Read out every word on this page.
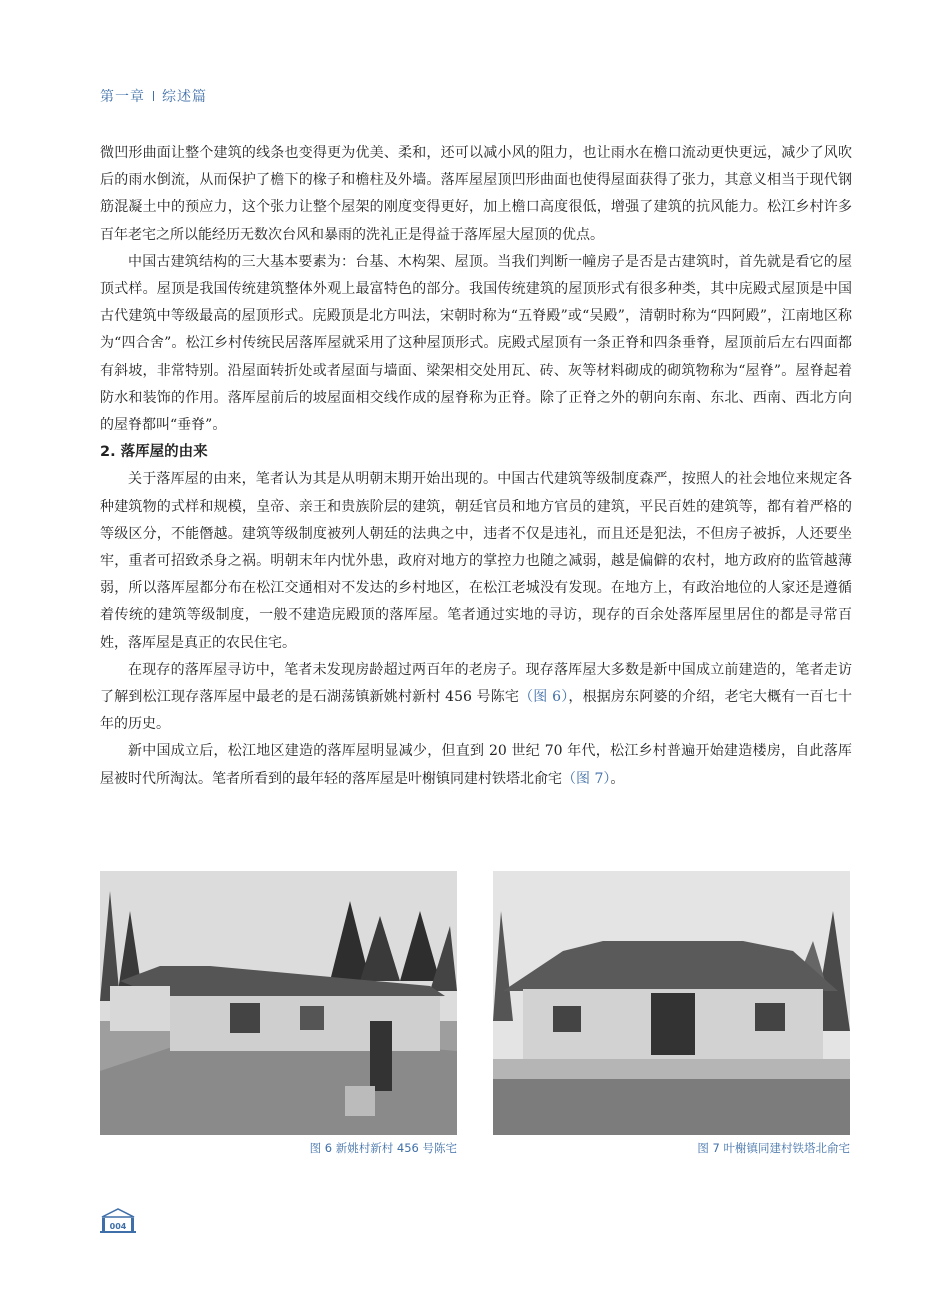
第一章 综述篇

微凹形曲面让整个建筑的线条也变得更为优美、柔和，还可以减小风的阻力，也让雨水在檐口流动更快更远，减少了风吹后的雨水倒流，从而保护了檐下的椽子和檐柱及外墙。落厍屋屋顶凹形曲面也使得屋面获得了张力，其意义相当于现代钢筋混凝土中的预应力，这个张力让整个屋架的刚度变得更好，加上檐口高度很低，增强了建筑的抗风能力。松江乡村许多百年老宅之所以能经历无数次台风和暴雨的洗礼正是得益于落厍屋大屋顶的优点。

中国古建筑结构的三大基本要素为：台基、木构架、屋顶。当我们判断一幢房子是否是古建筑时，首先就是看它的屋顶式样。屋顶是我国传统建筑整体外观上最富特色的部分。我国传统建筑的屋顶形式有很多种类，其中庑殿式屋顶是中国古代建筑中等级最高的屋顶形式。庑殿顶是北方叫法，宋朝时称为“五脊殿”或“吴殿”，清朝时称为“四阿殿”，江南地区称为“四合舍”。松江乡村传统民居落厍屋就采用了这种屋顶形式。庑殿式屋顶有一条正脊和四条垂脊，屋顶前后左右四面都有斜坡，非常特别。沿屋面转折处或者屋面与墙面、梁架相交处用瓦、砖、灰等材料砌成的砌筑物称为“屋脊”。屋脊起着防水和装饰的作用。落厍屋前后的坡屋面相交线作成的屋脊称为正脊。除了正脊之外的朝向东南、东北、西南、西北方向的屋脊都叫“垂脊”。

2. 落厍屋的由来

关于落厍屋的由来，笔者认为其是从明朝末期开始出现的。中国古代建筑等级制度森严，按照人的社会地位来规定各种建筑物的式样和规模，皇帝、亲王和贵族阶层的建筑，朝廷官员和地方官员的建筑，平民百姓的建筑等，都有着严格的等级区分，不能僭越。建筑等级制度被列人朝廷的法典之中，违者不仅是违礼，而且还是犯法，不但房子被拆，人还要坐牢，重者可招致杀身之祸。明朝末年内忧外患，政府对地方的掌控力也随之减弱，越是偏僻的农村，地方政府的监管越薄弱，所以落厍屋都分布在松江交通相对不发达的乡村地区，在松江老城没有发现。在地方上，有政治地位的人家还是遵循着传统的建筑等级制度，一般不建造庑殿顶的落厍屋。笔者通过实地的寻访，现存的百余处落厍屋里居住的都是寻常百姓，落厍屋是真正的农民住宅。

在现存的落厍屋寻访中，笔者未发现房龄超过两百年的老房子。现存落厍屋大多数是新中国成立前建造的，笔者走访了解到松江现存落厍屋中最老的是石湖荡镇新姚村新村 456 号陈宅（图 6），根据房东阿婆的介绍，老宅大概有一百七十年的历史。

新中国成立后，松江地区建造的落厍屋明显减少，但直到 20 世纪 70 年代，松江乡村普遍开始建造楼房，自此落厍屋被时代所淘汰。笔者所看到的最年轻的落厍屋是叶榭镇同建村铁塔北俞宅（图 7）。

图 6 新姚村新村 456 号陈宅	图 7 叶榭镇同建村铁塔北俞宅
004
